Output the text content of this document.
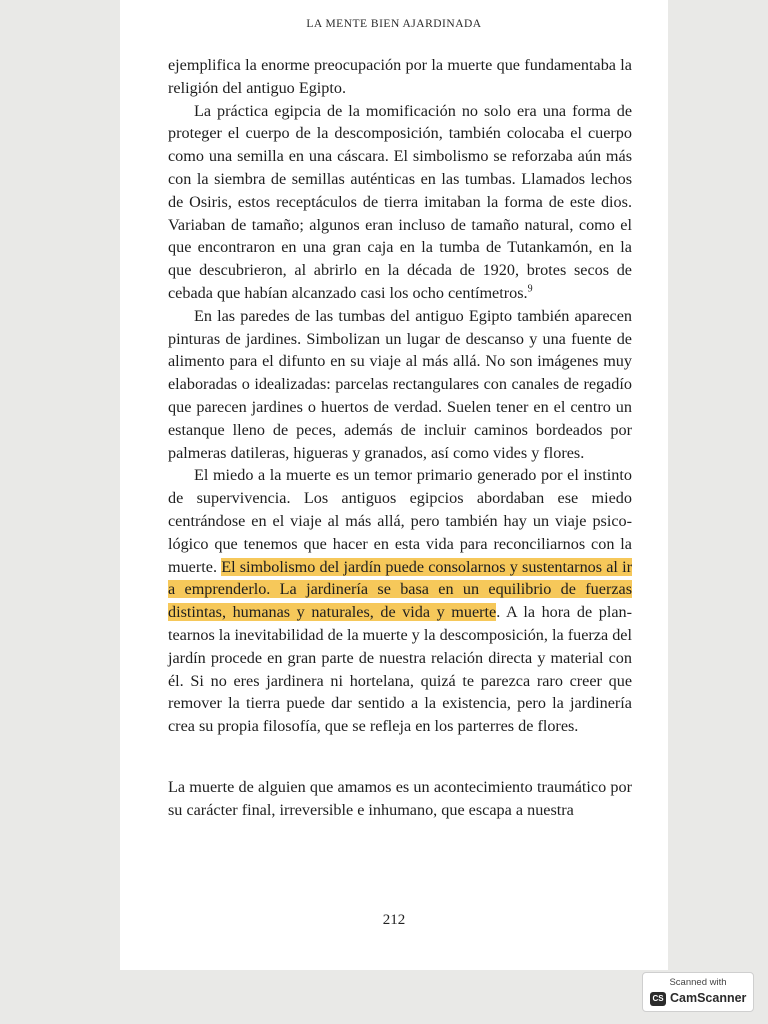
LA MENTE BIEN AJARDINADA

ejemplifica la enorme preocupación por la muerte que fundamentaba la religión del antiguo Egipto.

La práctica egipcia de la momificación no solo era una forma de proteger el cuerpo de la descomposición, también colocaba el cuerpo como una semilla en una cáscara. El simbolismo se reforzaba aún más con la siembra de semillas auténticas en las tumbas. Llamados lechos de Osiris, estos receptáculos de tierra imitaban la forma de este dios. Variaban de tamaño; algunos eran incluso de tamaño natural, como el que encontraron en una gran caja en la tumba de Tutankamón, en la que descubrieron, al abrirlo en la década de 1920, brotes secos de cebada que habían alcanzado casi los ocho centímetros.$^9$

En las paredes de las tumbas del antiguo Egipto también aparecen pinturas de jardines. Simbolizan un lugar de descanso y una fuente de alimento para el difunto en su viaje al más allá. No son imágenes muy elaboradas o idealizadas: parcelas rectangulares con canales de regadío que parecen jardines o huertos de verdad. Suelen tener en el centro un estanque lleno de peces, además de incluir caminos bordeados por palmeras datileras, higueras y granados, así como vides y flores.

El miedo a la muerte es un temor primario generado por el instinto de supervivencia. Los antiguos egipcios abordaban ese miedo centrándose en el viaje al más allá, pero también hay un viaje psicológico que tenemos que hacer en esta vida para reconciliarnos con la muerte. El simbolismo del jardín puede consolarnos y sustentarnos al ir a emprenderlo. La jardinería se basa en un equilibrio de fuerzas distintas, humanas y naturales, de vida y muerte. A la hora de plantearnos la inevitabilidad de la muerte y la descomposición, la fuerza del jardín procede en gran parte de nuestra relación directa y material con él. Si no eres jardinera ni hortelana, quizá te parezca raro creer que remover la tierra puede dar sentido a la existencia, pero la jardinería crea su propia filosofía, que se refleja en los parterres de flores.

La muerte de alguien que amamos es un acontecimiento traumático por su carácter final, irreversible e inhumano, que escapa a nuestra

212
Scanned with
CS CamScanner
